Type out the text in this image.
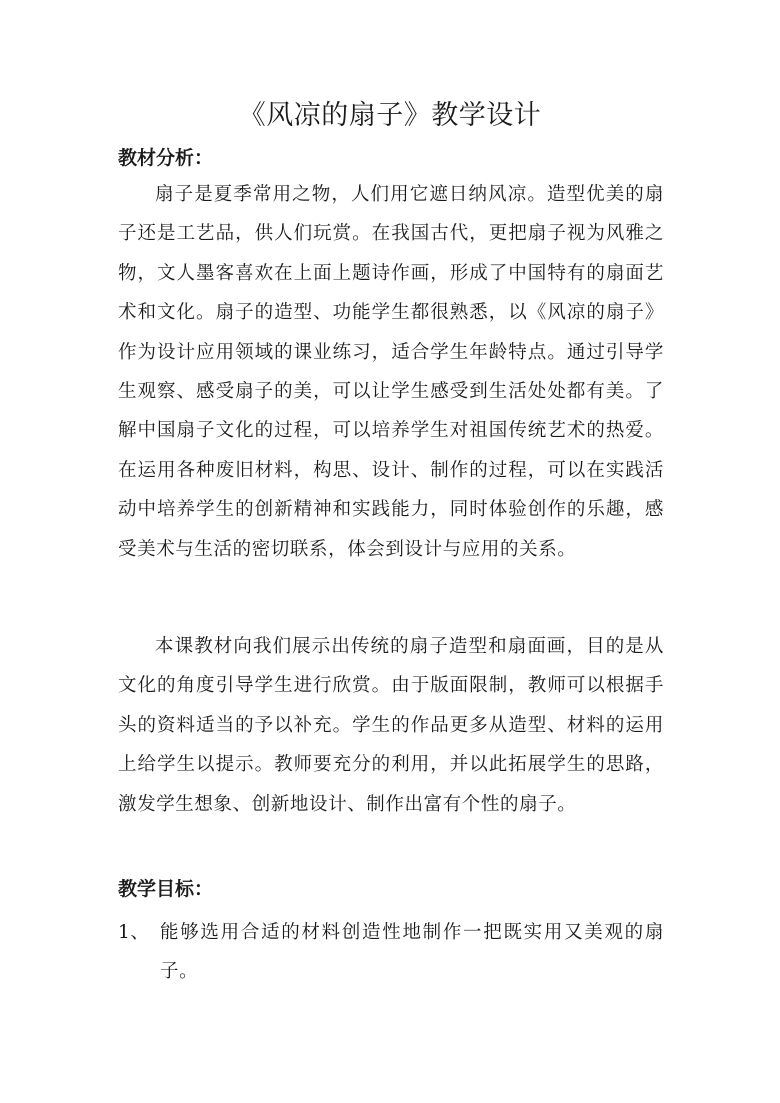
《风凉的扇子》教学设计
教材分析：

扇子是夏季常用之物，人们用它遮日纳风凉。造型优美的扇子还是工艺品，供人们玩赏。在我国古代，更把扇子视为风雅之物，文人墨客喜欢在上面上题诗作画，形成了中国特有的扇面艺术和文化。扇子的造型、功能学生都很熟悉，以《风凉的扇子》作为设计应用领域的课业练习，适合学生年龄特点。通过引导学生观察、感受扇子的美，可以让学生感受到生活处处都有美。了解中国扇子文化的过程，可以培养学生对祖国传统艺术的热爱。在运用各种废旧材料，构思、设计、制作的过程，可以在实践活动中培养学生的创新精神和实践能力，同时体验创作的乐趣，感受美术与生活的密切联系，体会到设计与应用的关系。

本课教材向我们展示出传统的扇子造型和扇面画，目的是从文化的角度引导学生进行欣赏。由于版面限制，教师可以根据手头的资料适当的予以补充。学生的作品更多从造型、材料的运用上给学生以提示。教师要充分的利用，并以此拓展学生的思路，激发学生想象、创新地设计、制作出富有个性的扇子。

教学目标：
1、 能够选用合适的材料创造性地制作一把既实用又美观的扇子。
